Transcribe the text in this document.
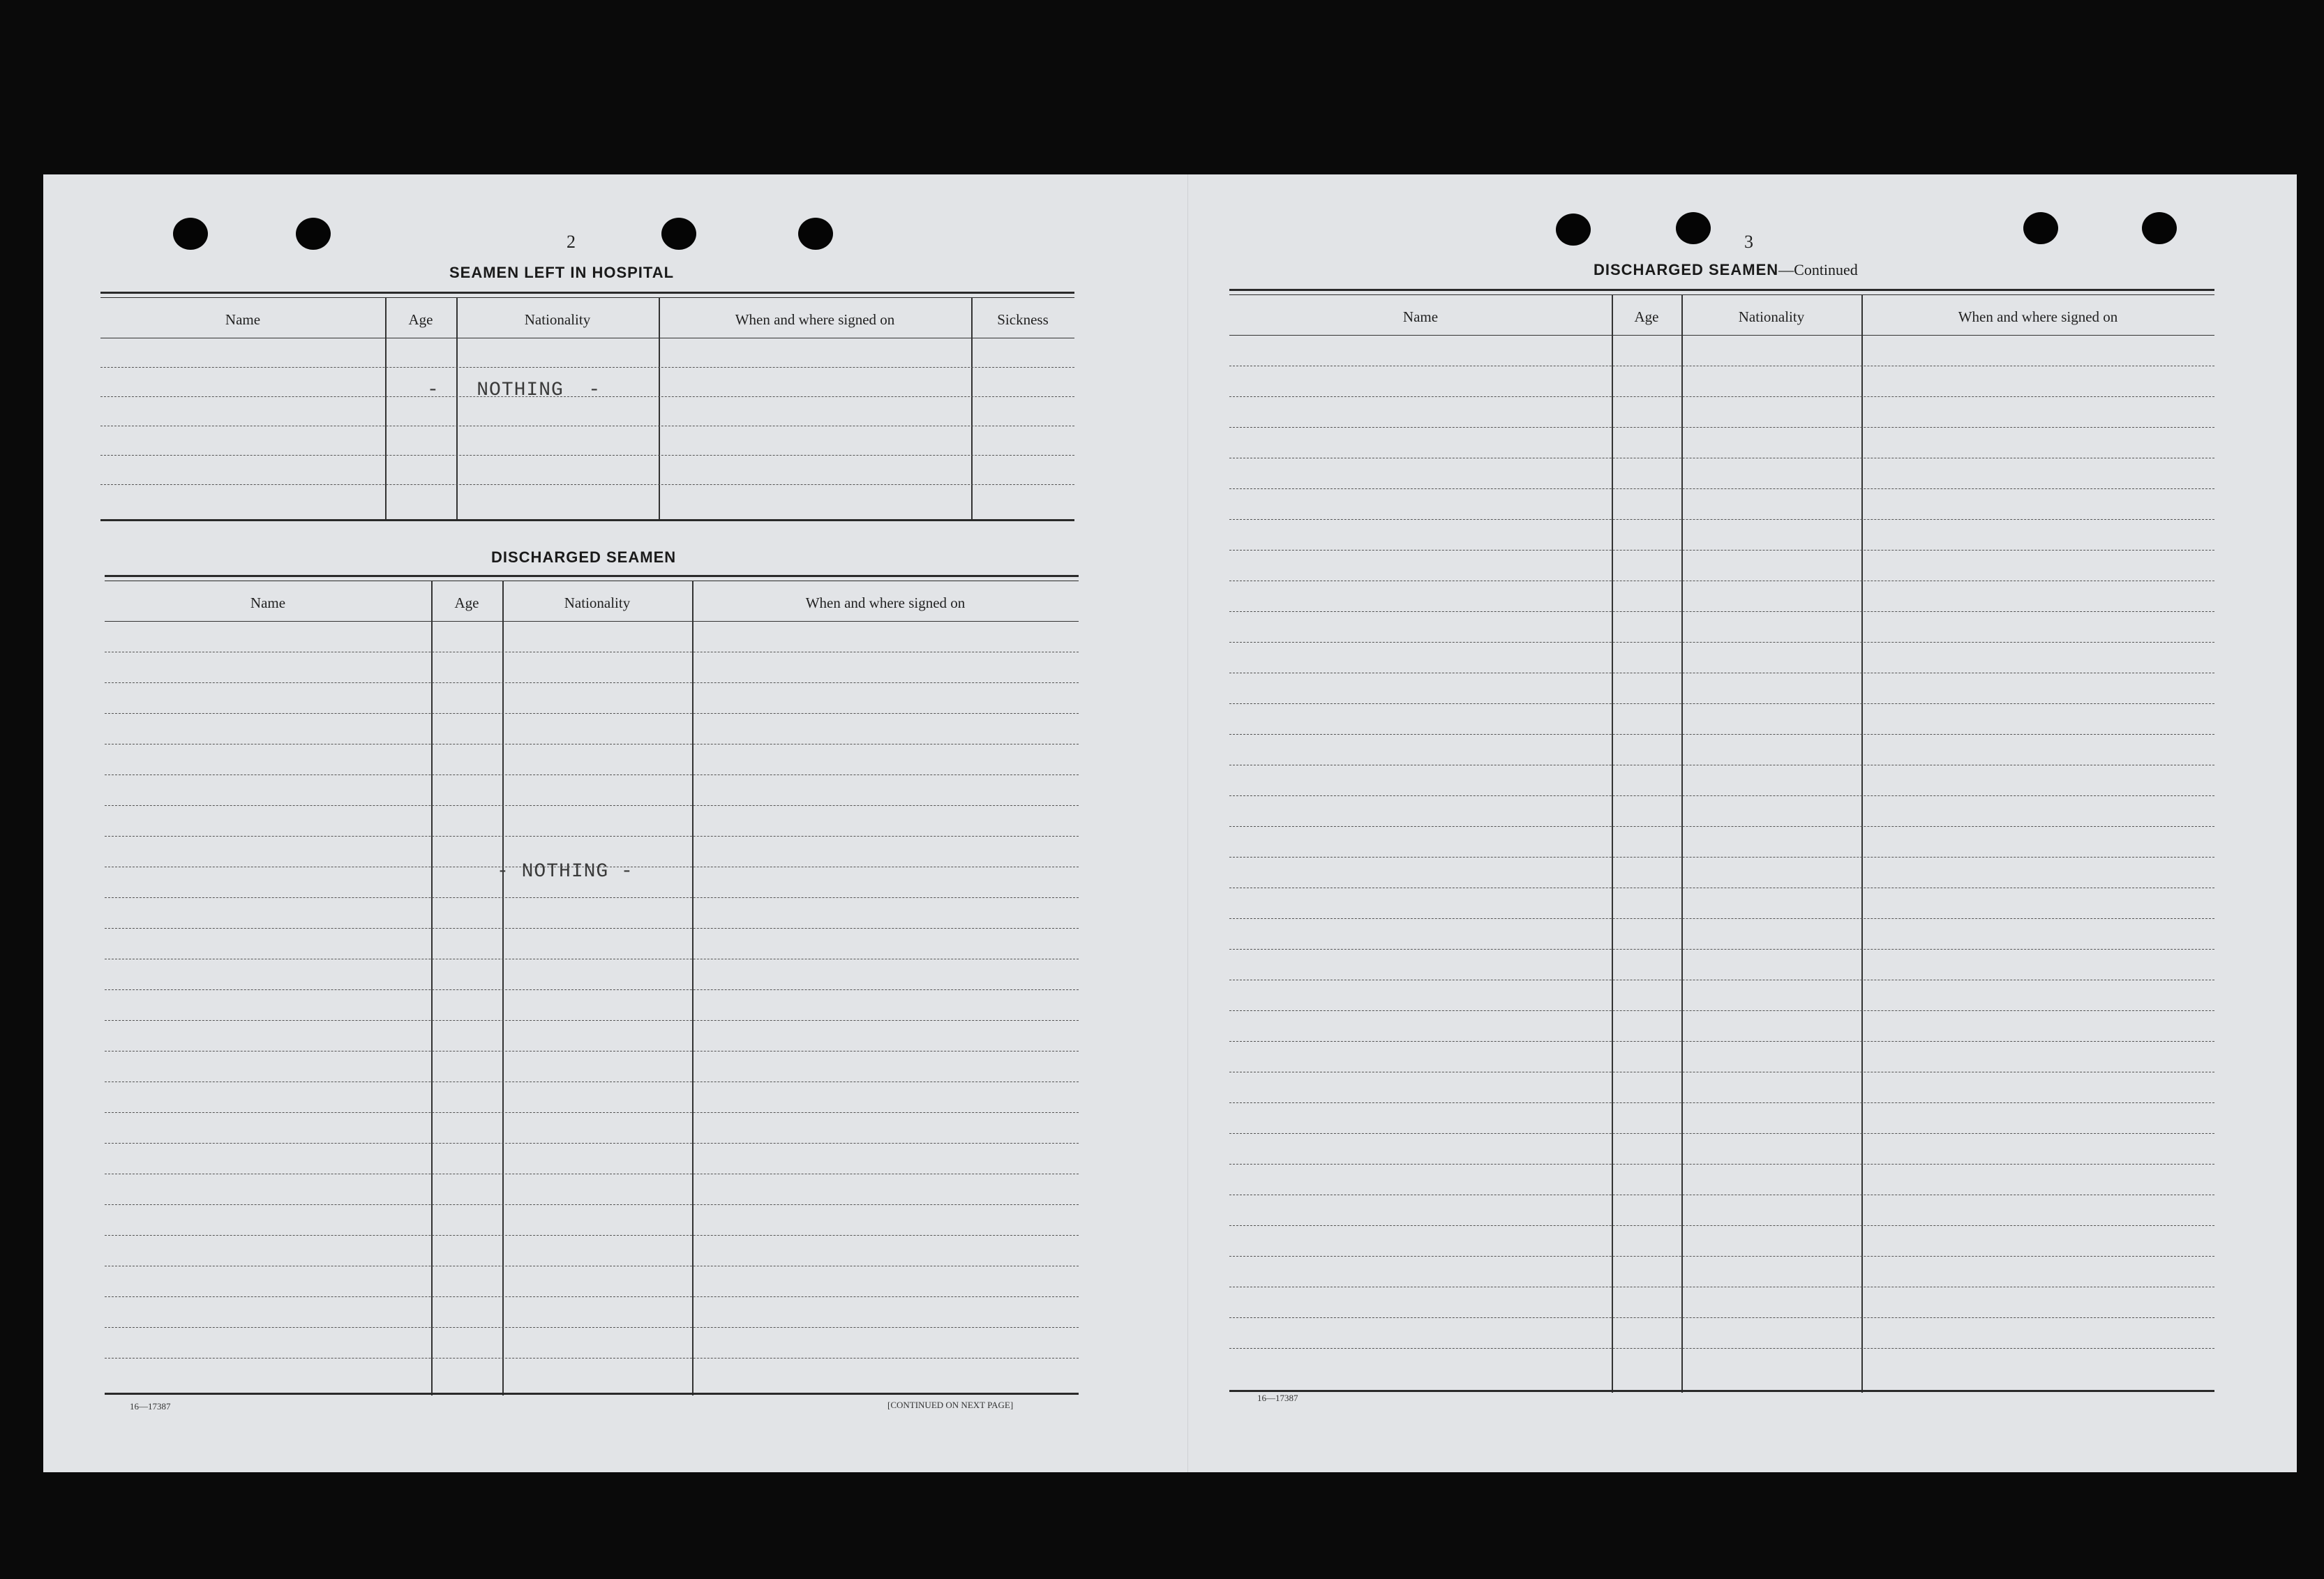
2
SEAMEN LEFT IN HOSPITAL
Name	Age	Nationality	When and where signed on	Sickness
-   NOTHING  -
DISCHARGED SEAMEN
Name	Age	Nationality	When and where signed on
- NOTHING -
16—17387	[CONTINUED ON NEXT PAGE]
3
DISCHARGED SEAMEN—Continued
Name	Age	Nationality	When and where signed on
16—17387
